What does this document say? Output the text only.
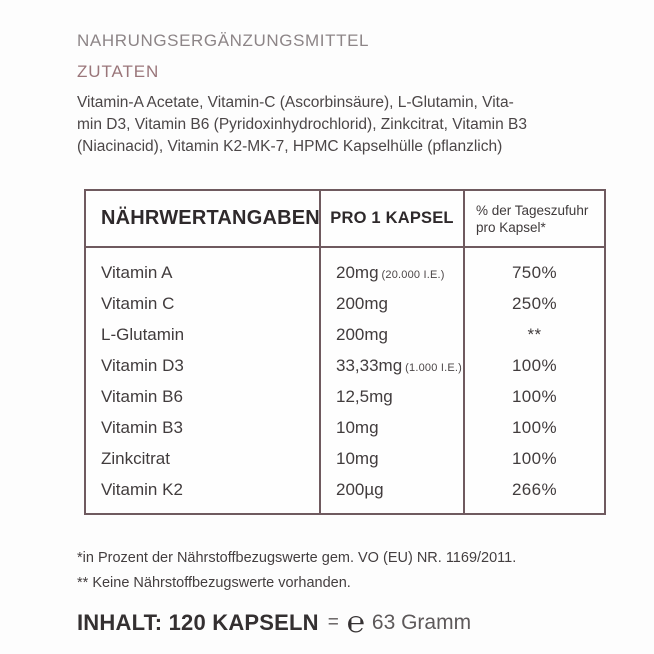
NAHRUNGSERGÄNZUNGSMITTEL
ZUTATEN
Vitamin-A Acetate, Vitamin-C (Ascorbinsäure), L-Glutamin, Vita-
min D3, Vitamin B6 (Pyridoxinhydrochlorid), Zinkcitrat, Vitamin B3
(Niacinacid), Vitamin K2-MK-7, HPMC Kapselhülle (pflanzlich)
NÄHRWERTANGABEN PRO 1 KAPSEL	% der Tageszufuhr
pro Kapsel*
Vitamin A
Vitamin C
L-Glutamin
Vitamin D3
Vitamin B6
Vitamin B3
Zinkcitrat
Vitamin K2
20mg (20.000 I.E.)
200mg
200mg
33,33mg (1.000 I.E.)
12,5mg
10mg
10mg
200µg
750%
250%
**
100%
100%
100%
100%
266%
*in Prozent der Nährstoffbezugswerte gem. VO (EU) NR. 1169/2011.
** Keine Nährstoffbezugswerte vorhanden.
INHALT: 120 KAPSELN = ℮ 63 Gramm
